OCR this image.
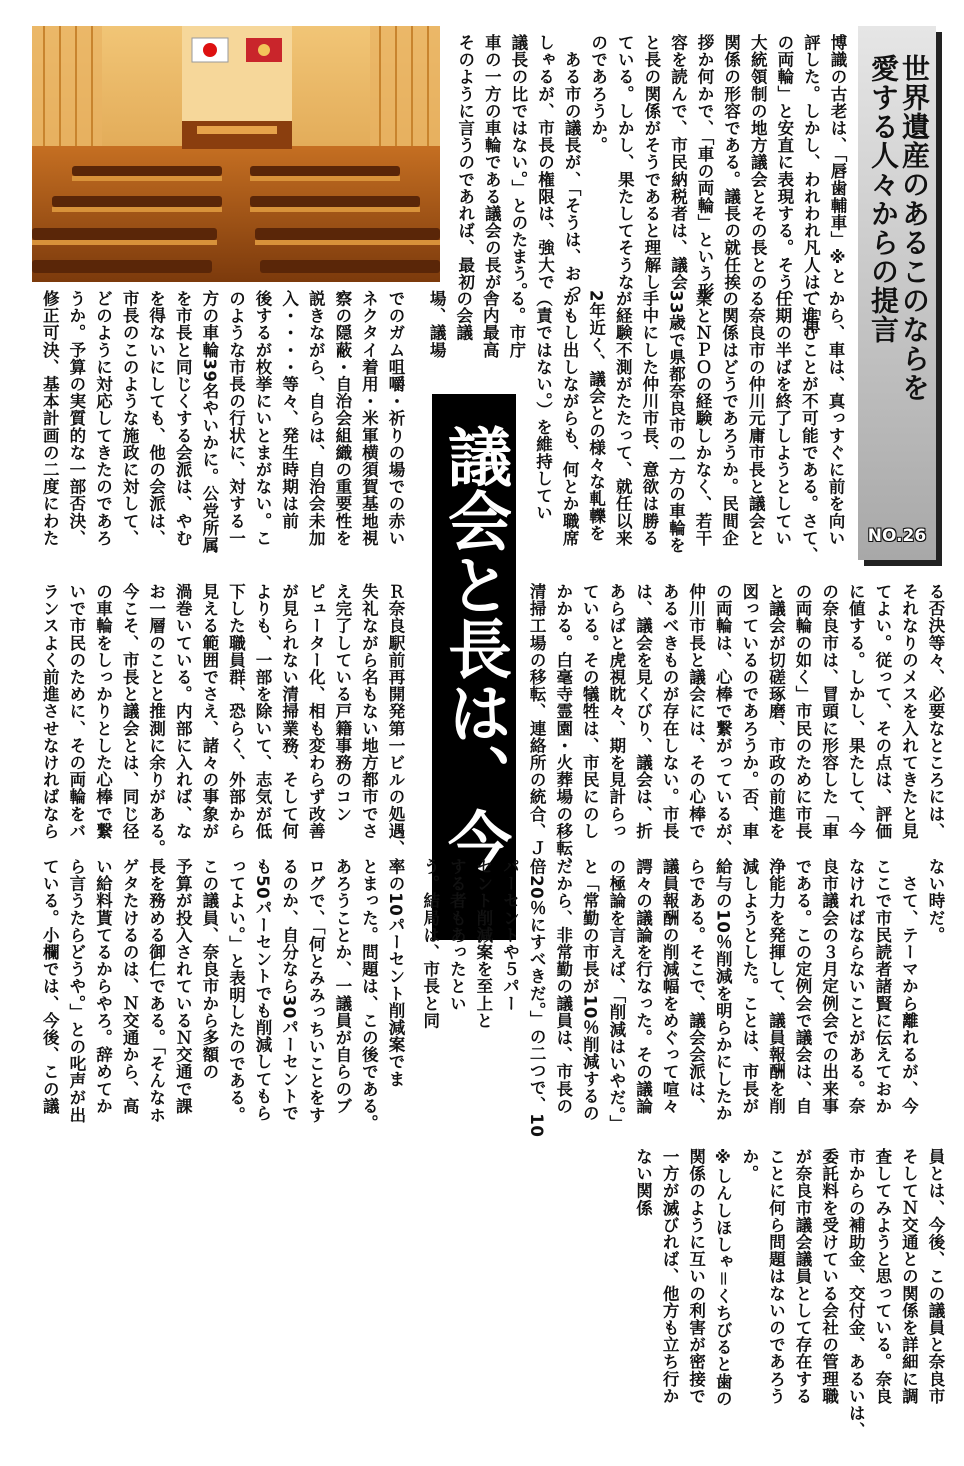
世界遺産のあるこのならを
愛する人々からの提言
NO.26
議会と長は、今
博識の古老は、「唇歯輔車」※と
評した。しかし、われわれ凡人は、「車
の両輪」と安直に表現する。そう、
大統領制の地方議会とその長との
関係の形容である。議長の就任挨
拶か何かで、「車の両輪」という形
容を読んで、市民納税者は、議会
と長の関係がそうであると理解し
ている。しかし、果たしてそうな
のであろうか。
　ある市の議長が、「そうは、おっ
しゃるが、市長の権限は、強大で
議長の比ではない。」とのたまう。
車の一方の車輪である議会の長が
そのように言うのであれば、最初
から、車は、真っすぐに前を向い
て進むことが不可能である。さて、
任期の半ばを終了しようとしてい
る奈良市の仲川元庸市長と議会と
の関係はどうであろうか。民間企
業とＮＰＯの経験しかなく、若干
33歳で県都奈良市の一方の車輪を
手中にした仲川市長、意欲は勝る
が経験不測がたたって、就任以来
2年近く、議会との様々な軋轢を
かもし出しながらも、何とか職席
（責ではない。）を維持してい
る。市庁
舎内最高
の会議
場、議場
でのガム咀嚼・祈りの場での赤い
ネクタイ着用・米軍横須賀基地視
察の隠蔽・自治会組織の重要性を
説きながら、自らは、自治会未加
入・・・・等々、発生時期は前
後するが枚挙にいとまがない。こ
のような市長の行状に、対する一
方の車輪39名やいかに。公党所属
を市長と同じくする会派は、やむ
を得ないにしても、他の会派は、
市長のこのような施政に対して、
どのように対応してきたのであろ
うか。予算の実質的な一部否決、
修正可決、基本計画の二度にわた
る否決等々、必要なところには、
それなりのメスを入れてきたと見
てよい。従って、その点は、評価
に値する。しかし、果たして、今
の奈良市は、冒頭に形容した「車
の両輪の如く」市民のために市長
と議会が切磋琢磨、市政の前進を
図っているのであろうか。否、車
の両輪は、心棒で繋がっているが、
仲川市長と議会には、その心棒で
あるべきものが存在しない。市長
は、議会を見くびり、議会は、折
あらばと虎視眈々、期を見計らっ
ている。その犠牲は、市民にのし
かかる。白毫寺霊園・火葬場の移転、
清掃工場の移転、連絡所の統合、Ｊ
Ｒ奈良駅前再開発第一ビルの処遇、
失礼ながら名もない地方都市でさ
え完了している戸籍事務のコン
ピューター化、相も変わらず改善
が見られない清掃業務、そして何
よりも、一部を除いて、志気が低
下した職員群、恐らく、外部から
見える範囲でさえ、諸々の事象が
渦巻いている。内部に入れば、な
お一層のことと推測に余りがある。
今こそ、市長と議会とは、同じ径
の車輪をしっかりとした心棒で繋
いで市民のために、その両輪をバ
ランスよく前進させなければなら
ない時だ。
　さて、テーマから離れるが、今
ここで市民読者諸賢に伝えておか
なければならないことがある。奈
良市議会の３月定例会での出来事
である。この定例会で議会は、自
浄能力を発揮して、議員報酬を削
減しようとした。ことは、市長が
給与の10％削減を明らかにしたか
らである。そこで、議会会派は、
議員報酬の削減幅をめぐって喧々
諤々の議論を行なった。その議論
の極論を言えば、「削減はいやだ。」
と「常勤の市長が10％削減するの
だから、非常勤の議員は、市長の
倍20％にすべきだ。」の二つで、10
パーセントや５パー
セント削減案を至上と
する者もあったとい
う。結局は、市長と同
率の10パーセント削減案でま
とまった。問題は、この後である。
あろうことか、一議員が自らのブ
ログで、「何とみみっちいことをす
るのか、自分なら30パーセントで
も50パーセントでも削減してもら
ってよい。」と表明したのである。
この議員、奈良市から多額の
予算が投入されているＮ交通で課
長を務める御仁である。「そんなホ
ゲタたけるのは、Ｎ交通から、高
い給料貰てるからやろ。辞めてか
ら言うたらどうや。」との叱声が出
ている。小欄では、今後、この議
員とは、今後、この議員と奈良市
そしてＮ交通との関係を詳細に調
査してみようと思っている。奈良
市からの補助金、交付金、あるいは、
委託料を受けている会社の管理職
が奈良市議会議員として存在する
ことに何ら問題はないのであろう
か。
※しんしほしゃ＝くちびると歯の
関係のように互いの利害が密接で
一方が滅びれば、他方も立ち行か
ない関係
